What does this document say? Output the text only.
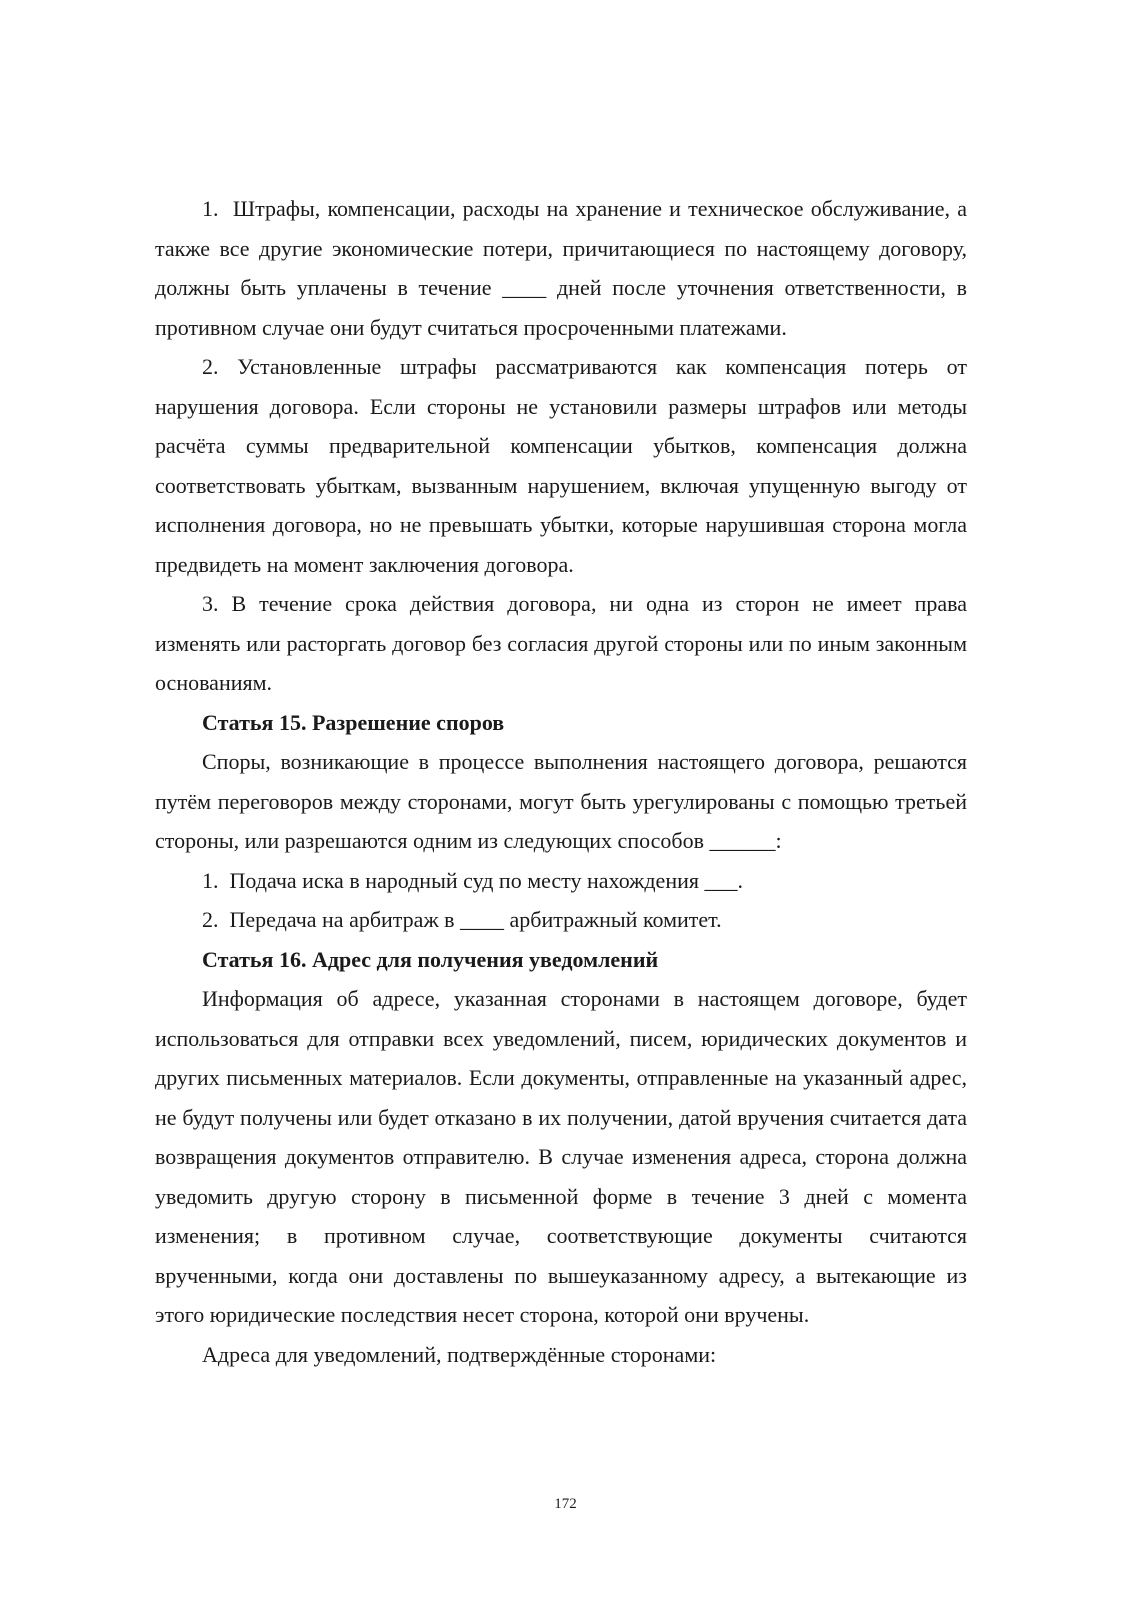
1.  Штрафы, компенсации, расходы на хранение и техническое обслуживание, а также все другие экономические потери, причитающиеся по настоящему договору, должны быть уплачены в течение ____ дней после уточнения ответственности, в противном случае они будут считаться просроченными платежами.

2. Установленные штрафы рассматриваются как компенсация потерь от нарушения договора. Если стороны не установили размеры штрафов или методы расчёта суммы предварительной компенсации убытков, компенсация должна соответствовать убыткам, вызванным нарушением, включая упущенную выгоду от исполнения договора, но не превышать убытки, которые нарушившая сторона могла предвидеть на момент заключения договора.

3. В течение срока действия договора, ни одна из сторон не имеет права изменять или расторгать договор без согласия другой стороны или по иным законным основаниям.

Статья 15. Разрешение споров

Споры, возникающие в процессе выполнения настоящего договора, решаются путём переговоров между сторонами, могут быть урегулированы с помощью третьей стороны, или разрешаются одним из следующих способов ______:

1.  Подача иска в народный суд по месту нахождения ___.

2.  Передача на арбитраж в ____ арбитражный комитет.

Статья 16. Адрес для получения уведомлений

Информация об адресе, указанная сторонами в настоящем договоре, будет использоваться для отправки всех уведомлений, писем, юридических документов и других письменных материалов. Если документы, отправленные на указанный адрес, не будут получены или будет отказано в их получении, датой вручения считается дата возвращения документов отправителю. В случае изменения адреса, сторона должна уведомить другую сторону в письменной форме в течение 3 дней с момента изменения; в противном случае, соответствующие документы считаются врученными, когда они доставлены по вышеуказанному адресу, а вытекающие из этого юридические последствия несет сторона, которой они вручены.

Адреса для уведомлений, подтверждённые сторонами:

172
